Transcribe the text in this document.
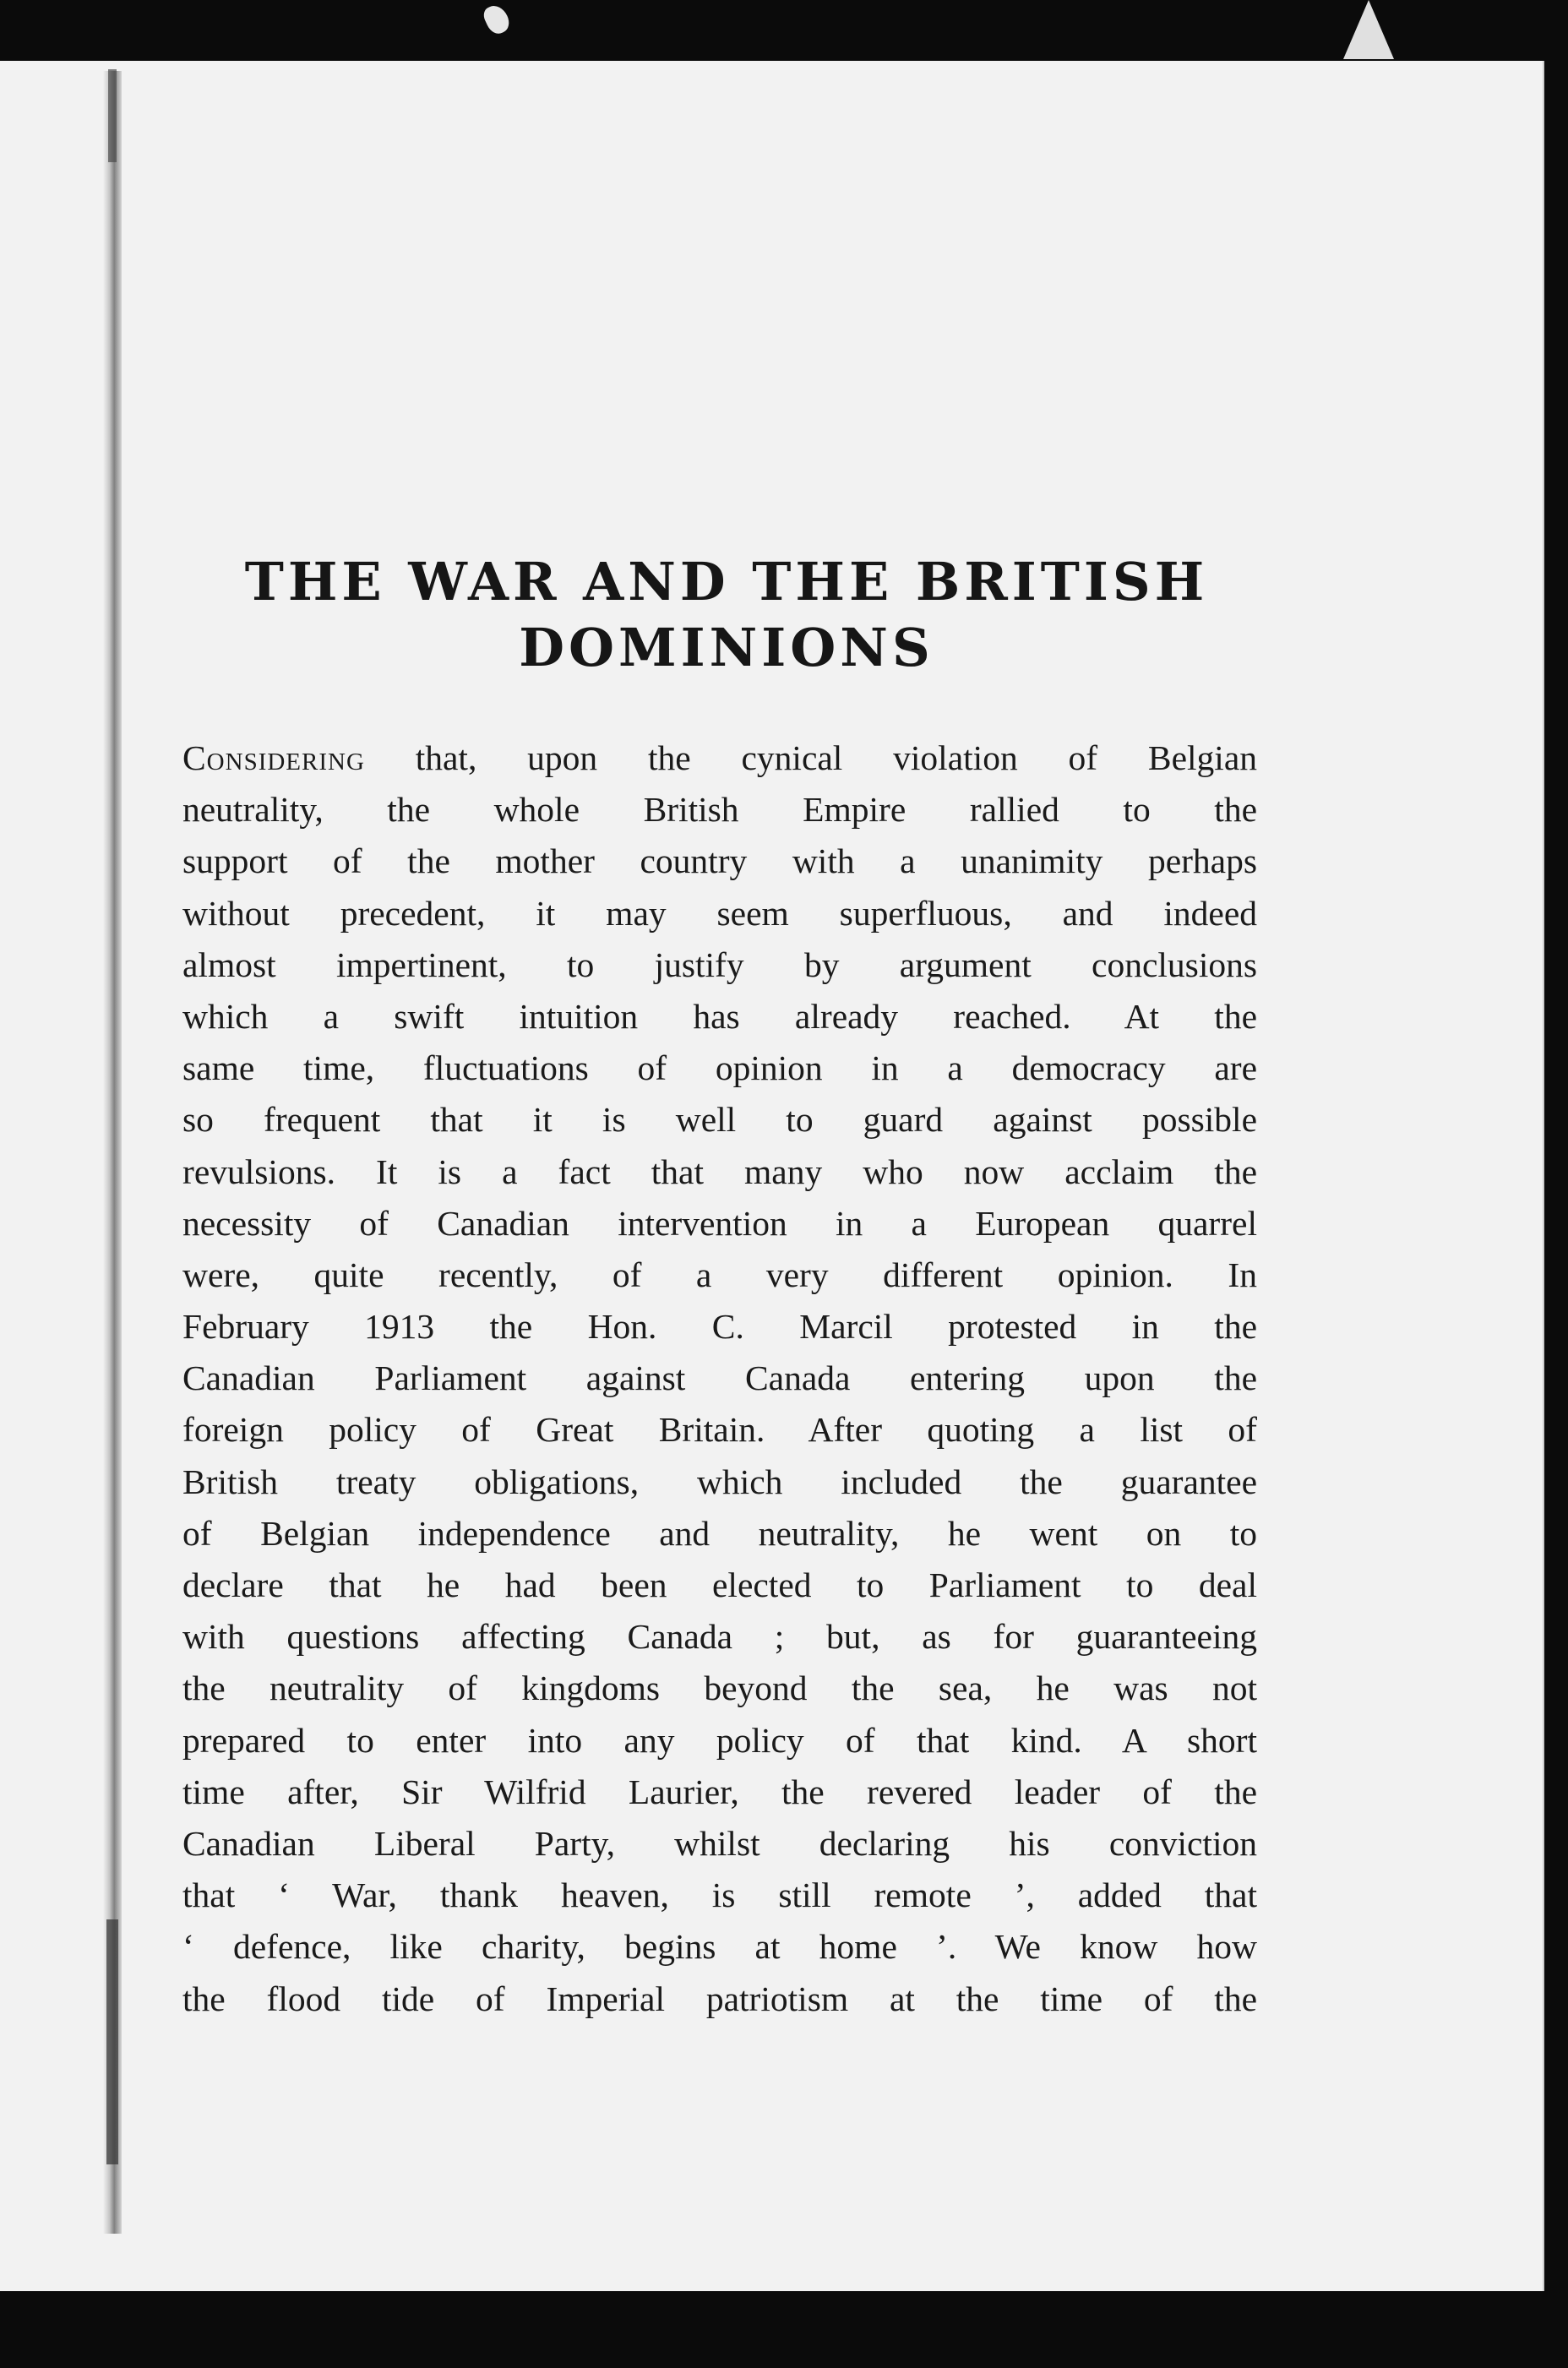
THE WAR AND THE BRITISH
DOMINIONS
Considering that, upon the cynical violation of Belgian
neutrality, the whole British Empire rallied to the
support of the mother country with a unanimity perhaps
without precedent, it may seem superfluous, and indeed
almost impertinent, to justify by argument conclusions
which a swift intuition has already reached. At the
same time, fluctuations of opinion in a democracy are
so frequent that it is well to guard against possible
revulsions. It is a fact that many who now acclaim the
necessity of Canadian intervention in a European quarrel
were, quite recently, of a very different opinion. In
February 1913 the Hon. C. Marcil protested in the
Canadian Parliament against Canada entering upon the
foreign policy of Great Britain. After quoting a list of
British treaty obligations, which included the guarantee
of Belgian independence and neutrality, he went on to
declare that he had been elected to Parliament to deal
with questions affecting Canada ; but, as for guaranteeing
the neutrality of kingdoms beyond the sea, he was not
prepared to enter into any policy of that kind. A short
time after, Sir Wilfrid Laurier, the revered leader of the
Canadian Liberal Party, whilst declaring his conviction
that ‘ War, thank heaven, is still remote ’, added that
‘ defence, like charity, begins at home ’. We know how
the flood tide of Imperial patriotism at the time of the
